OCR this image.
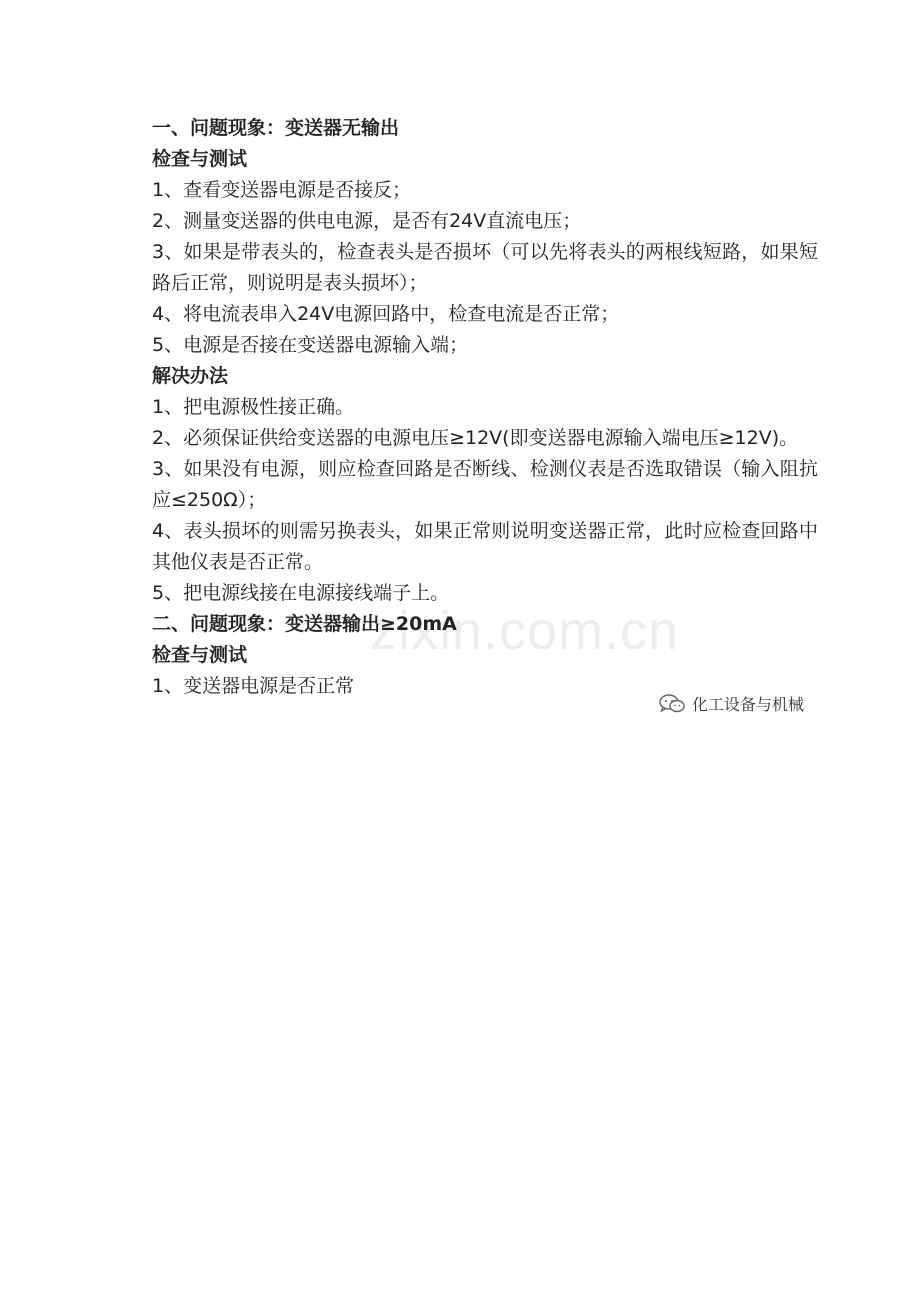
zixin.com.cn

一、问题现象：变送器无输出

检查与测试

1、查看变送器电源是否接反；

2、测量变送器的供电电源，是否有24V直流电压；

3、如果是带表头的，检查表头是否损坏（可以先将表头的两根线短路，如果短路后正常，则说明是表头损坏）；

4、将电流表串入24V电源回路中，检查电流是否正常；

5、电源是否接在变送器电源输入端；

解决办法

1、把电源极性接正确。

2、必须保证供给变送器的电源电压≥12V(即变送器电源输入端电压≥12V)。

3、如果没有电源，则应检查回路是否断线、检测仪表是否选取错误（输入阻抗应≤250Ω）；

4、表头损坏的则需另换表头，如果正常则说明变送器正常，此时应检查回路中其他仪表是否正常。

5、把电源线接在电源接线端子上。

二、问题现象：变送器输出≥20mA

检查与测试

1、变送器电源是否正常

化工设备与机械
